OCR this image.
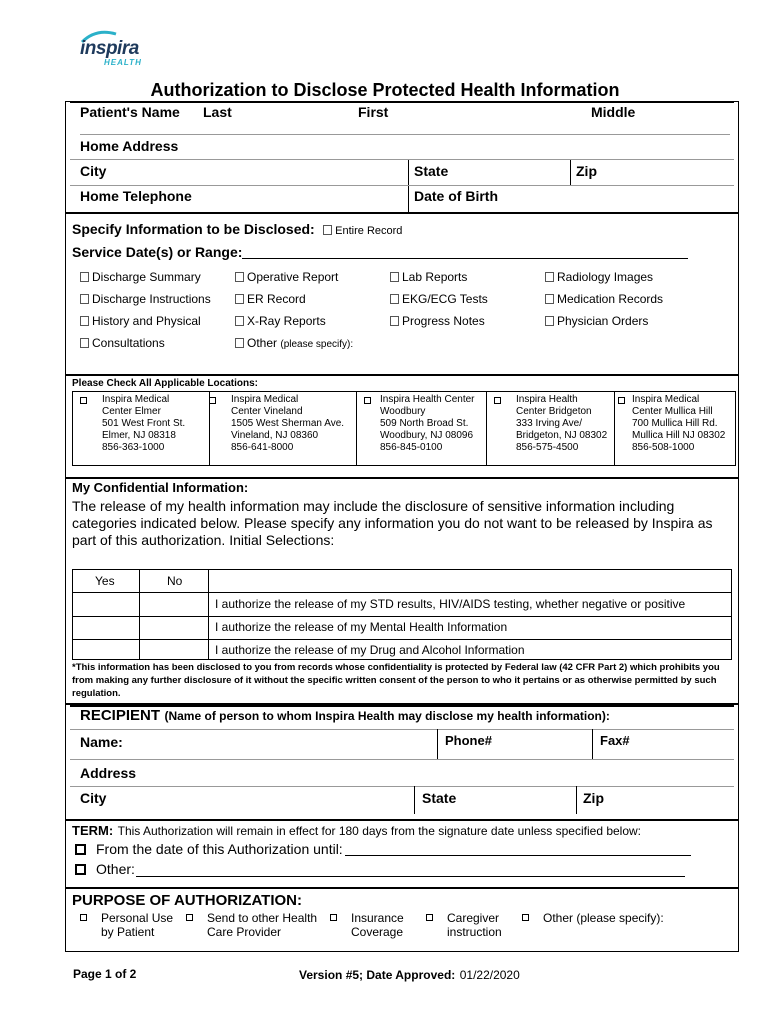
inspira
HEALTH
Authorization to Disclose Protected Health Information
Patient's Name Last	First	Middle
Home Address
City	State	Zip
Home Telephone	Date of Birth
Specify Information to be Disclosed: Entire Record
Service Date(s) or Range:
Discharge Summary	Operative Report	Lab Reports	Radiology Images
Discharge Instructions	ER Record	EKG/ECG Tests	Medication Records
History and Physical	X-Ray Reports	Progress Notes	Physician Orders
Consultations	Other (please specify):
Please Check All Applicable Locations:
Inspira Medical
Center Elmer
501 West Front St.
Elmer, NJ 08318
856-363-1000
Inspira Medical
Center Vineland
1505 West Sherman Ave.
Vineland, NJ 08360
856-641-8000
Inspira Health Center
Woodbury
509 North Broad St.
Woodbury, NJ 08096
856-845-0100
Inspira Health
Center Bridgeton
333 Irving Ave/
Bridgeton, NJ 08302
856-575-4500
Inspira Medical
Center Mullica Hill
700 Mullica Hill Rd.
Mullica Hill NJ 08302
856-508-1000
My Confidential Information:
The release of my health information may include the disclosure of sensitive information including categories indicated below. Please specify any information you do not want to be released by Inspira as part of this authorization. Initial Selections:
Yes	No
I authorize the release of my STD results, HIV/AIDS testing, whether negative or positive
I authorize the release of my Mental Health Information
I authorize the release of my Drug and Alcohol Information
*This information has been disclosed to you from records whose confidentiality is protected by Federal law (42 CFR Part 2) which prohibits you from making any further disclosure of it without the specific written consent of the person to who it pertains or as otherwise permitted by such regulation.
RECIPIENT (Name of person to whom Inspira Health may disclose my health information):
Name:	Phone#	Fax#
Address
City	State	Zip
TERM: This Authorization will remain in effect for 180 days from the signature date unless specified below:
From the date of this Authorization until:
Other:
PURPOSE OF AUTHORIZATION:
Personal Use by Patient
Send to other Health Care Provider
Insurance Coverage
Caregiver instruction
Other (please specify):
Page 1 of 2	Version #5; Date Approved: 01/22/2020
